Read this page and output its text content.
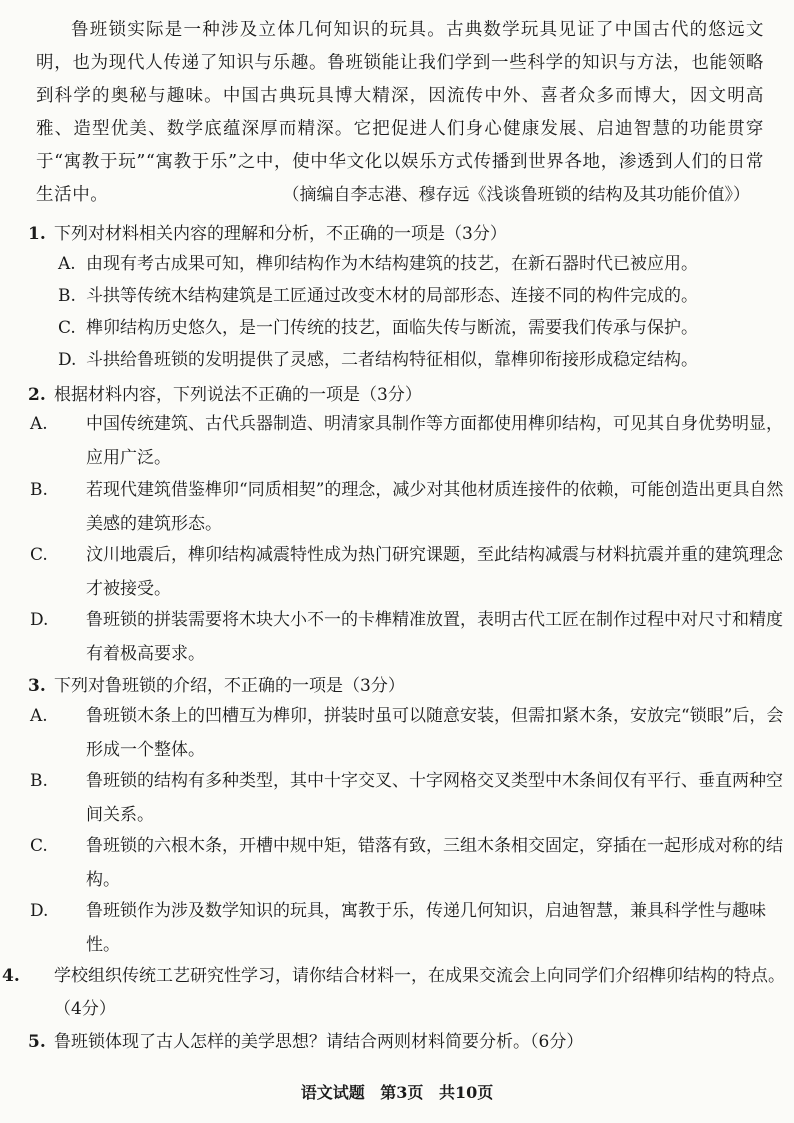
鲁班锁实际是一种涉及立体几何知识的玩具。古典数学玩具见证了中国古代的悠远文明，也为现代人传递了知识与乐趣。鲁班锁能让我们学到一些科学的知识与方法，也能领略到科学的奥秘与趣味。中国古典玩具博大精深，因流传中外、喜者众多而博大，因文明高雅、造型优美、数学底蕴深厚而精深。它把促进人们身心健康发展、启迪智慧的功能贯穿于“寓教于玩”“寓教于乐”之中，使中华文化以娱乐方式传播到世界各地，渗透到人们的日常生活中。	（摘编自李志港、穆存远《浅谈鲁班锁的结构及其功能价值》）
1. 下列对材料相关内容的理解和分析，不正确的一项是（3分）
A. 由现有考古成果可知，榫卯结构作为木结构建筑的技艺，在新石器时代已被应用。
B. 斗拱等传统木结构建筑是工匠通过改变木材的局部形态、连接不同的构件完成的。
C. 榫卯结构历史悠久，是一门传统的技艺，面临失传与断流，需要我们传承与保护。
D. 斗拱给鲁班锁的发明提供了灵感，二者结构特征相似，靠榫卯衔接形成稳定结构。
2. 根据材料内容，下列说法不正确的一项是（3分）
A. 中国传统建筑、古代兵器制造、明清家具制作等方面都使用榫卯结构，可见其自身优势明显，应用广泛。
B. 若现代建筑借鉴榫卯“同质相契”的理念，减少对其他材质连接件的依赖，可能创造出更具自然美感的建筑形态。
C. 汶川地震后，榫卯结构减震特性成为热门研究课题，至此结构减震与材料抗震并重的建筑理念才被接受。
D. 鲁班锁的拼装需要将木块大小不一的卡榫精准放置，表明古代工匠在制作过程中对尺寸和精度有着极高要求。
3. 下列对鲁班锁的介绍，不正确的一项是（3分）
A. 鲁班锁木条上的凹槽互为榫卯，拼装时虽可以随意安装，但需扣紧木条，安放完“锁眼”后，会形成一个整体。
B. 鲁班锁的结构有多种类型，其中十字交叉、十字网格交叉类型中木条间仅有平行、垂直两种空间关系。
C. 鲁班锁的六根木条，开槽中规中矩，错落有致，三组木条相交固定，穿插在一起形成对称的结构。
D. 鲁班锁作为涉及数学知识的玩具，寓教于乐，传递几何知识，启迪智慧，兼具科学性与趣味性。
4. 学校组织传统工艺研究性学习，请你结合材料一，在成果交流会上向同学们介绍榫卯结构的特点。（4分）
5. 鲁班锁体现了古人怎样的美学思想？请结合两则材料简要分析。（6分）
语文试题 第3页 共10页
